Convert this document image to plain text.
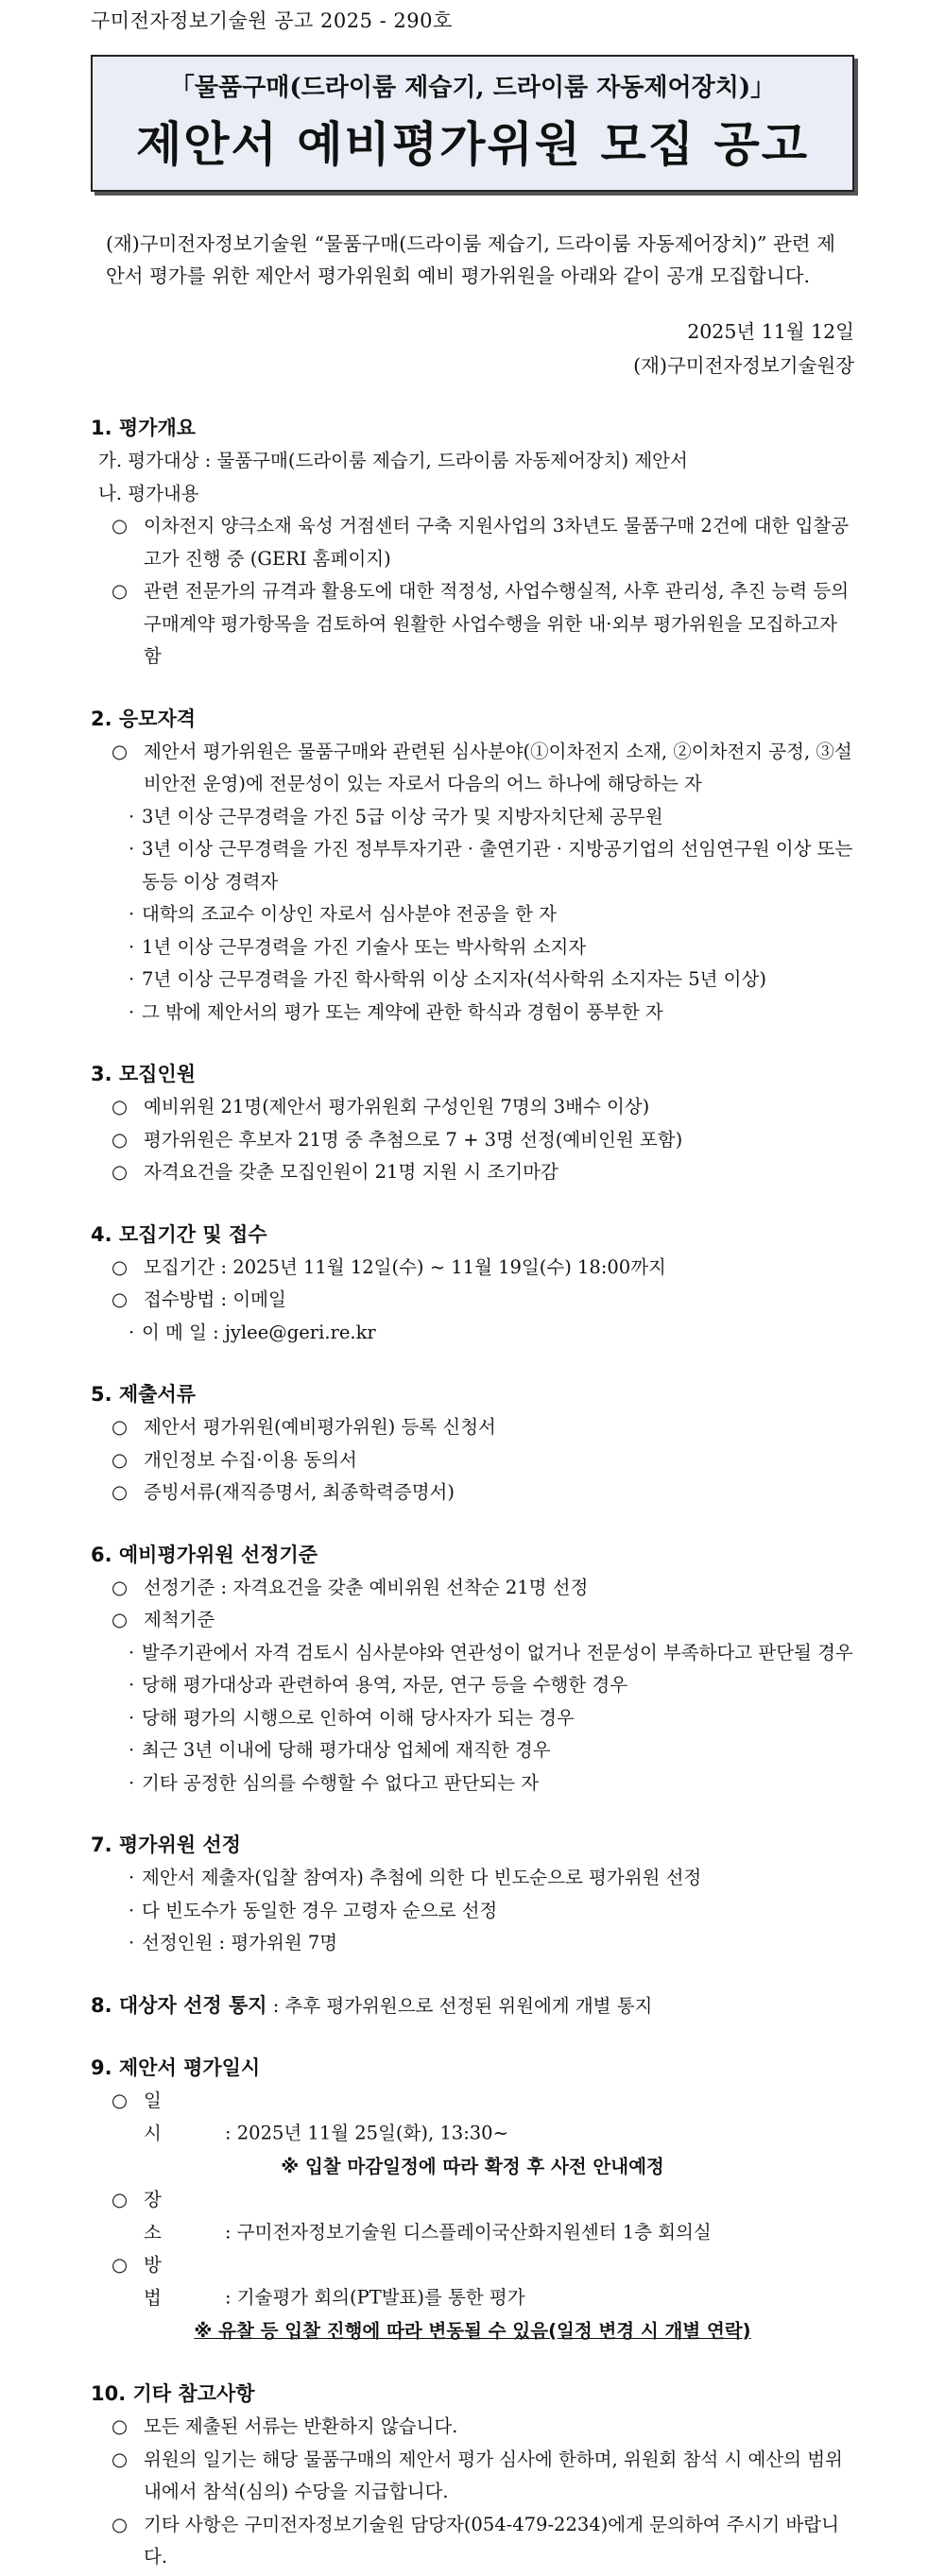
구미전자정보기술원 공고 2025 - 290호
「물품구매(드라이룸 제습기, 드라이룸 자동제어장치)」
제안서 예비평가위원 모집 공고
(재)구미전자정보기술원 “물품구매(드라이룸 제습기, 드라이룸 자동제어장치)” 관련 제안서 평가를 위한 제안서 평가위원회 예비 평가위원을 아래와 같이 공개 모집합니다.
2025년 11월 12일
(재)구미전자정보기술원장
1. 평가개요
가. 평가대상 : 물품구매(드라이룸 제습기, 드라이룸 자동제어장치) 제안서
나. 평가내용
○ 이차전지 양극소재 육성 거점센터 구축 지원사업의 3차년도 물품구매 2건에 대한 입찰공고가 진행 중 (GERI 홈페이지)
○ 관련 전문가의 규격과 활용도에 대한 적정성, 사업수행실적, 사후 관리성, 추진 능력 등의 구매계약 평가항목을 검토하여 원활한 사업수행을 위한 내·외부 평가위원을 모집하고자 함
2. 응모자격
○ 제안서 평가위원은 물품구매와 관련된 심사분야(①이차전지 소재, ②이차전지 공정, ③설비안전 운영)에 전문성이 있는 자로서 다음의 어느 하나에 해당하는 자
· 3년 이상 근무경력을 가진 5급 이상 국가 및 지방자치단체 공무원
· 3년 이상 근무경력을 가진 정부투자기관 · 출연기관 · 지방공기업의 선임연구원 이상 또는 동등 이상 경력자
· 대학의 조교수 이상인 자로서 심사분야 전공을 한 자
· 1년 이상 근무경력을 가진 기술사 또는 박사학위 소지자
· 7년 이상 근무경력을 가진 학사학위 이상 소지자(석사학위 소지자는 5년 이상)
· 그 밖에 제안서의 평가 또는 계약에 관한 학식과 경험이 풍부한 자
3. 모집인원
○ 예비위원 21명(제안서 평가위원회 구성인원 7명의 3배수 이상)
○ 평가위원은 후보자 21명 중 추첨으로 7 + 3명 선정(예비인원 포함)
○ 자격요건을 갖춘 모집인원이 21명 지원 시 조기마감
4. 모집기간 및 접수
○ 모집기간 : 2025년 11월 12일(수) ~ 11월 19일(수) 18:00까지
○ 접수방법 : 이메일
· 이 메 일 : jylee@geri.re.kr
5. 제출서류
○ 제안서 평가위원(예비평가위원) 등록 신청서
○ 개인정보 수집·이용 동의서
○ 증빙서류(재직증명서, 최종학력증명서)
6. 예비평가위원 선정기준
○ 선정기준 : 자격요건을 갖춘 예비위원 선착순 21명 선정
○ 제척기준
· 발주기관에서 자격 검토시 심사분야와 연관성이 없거나 전문성이 부족하다고 판단될 경우
· 당해 평가대상과 관련하여 용역, 자문, 연구 등을 수행한 경우
· 당해 평가의 시행으로 인하여 이해 당사자가 되는 경우
· 최근 3년 이내에 당해 평가대상 업체에 재직한 경우
· 기타 공정한 심의를 수행할 수 없다고 판단되는 자
7. 평가위원 선정
· 제안서 제출자(입찰 참여자) 추첨에 의한 다 빈도순으로 평가위원 선정
· 다 빈도수가 동일한 경우 고령자 순으로 선정
· 선정인원 : 평가위원 7명
8. 대상자 선정 통지 : 추후 평가위원으로 선정된 위원에게 개별 통지
9. 제안서 평가일시
○ 일 시 : 2025년 11월 25일(화), 13:30~
※ 입찰 마감일정에 따라 확정 후 사전 안내예정
○ 장 소 : 구미전자정보기술원 디스플레이국산화지원센터 1층 회의실
○ 방 법 : 기술평가 회의(PT발표)를 통한 평가
※ 유찰 등 입찰 진행에 따라 변동될 수 있음(일정 변경 시 개별 연락)
10. 기타 참고사항
○ 모든 제출된 서류는 반환하지 않습니다.
○ 위원의 일기는 해당 물품구매의 제안서 평가 심사에 한하며, 위원회 참석 시 예산의 범위 내에서 참석(심의) 수당을 지급합니다.
○ 기타 사항은 구미전자정보기술원 담당자(054-479-2234)에게 문의하여 주시기 바랍니다.
